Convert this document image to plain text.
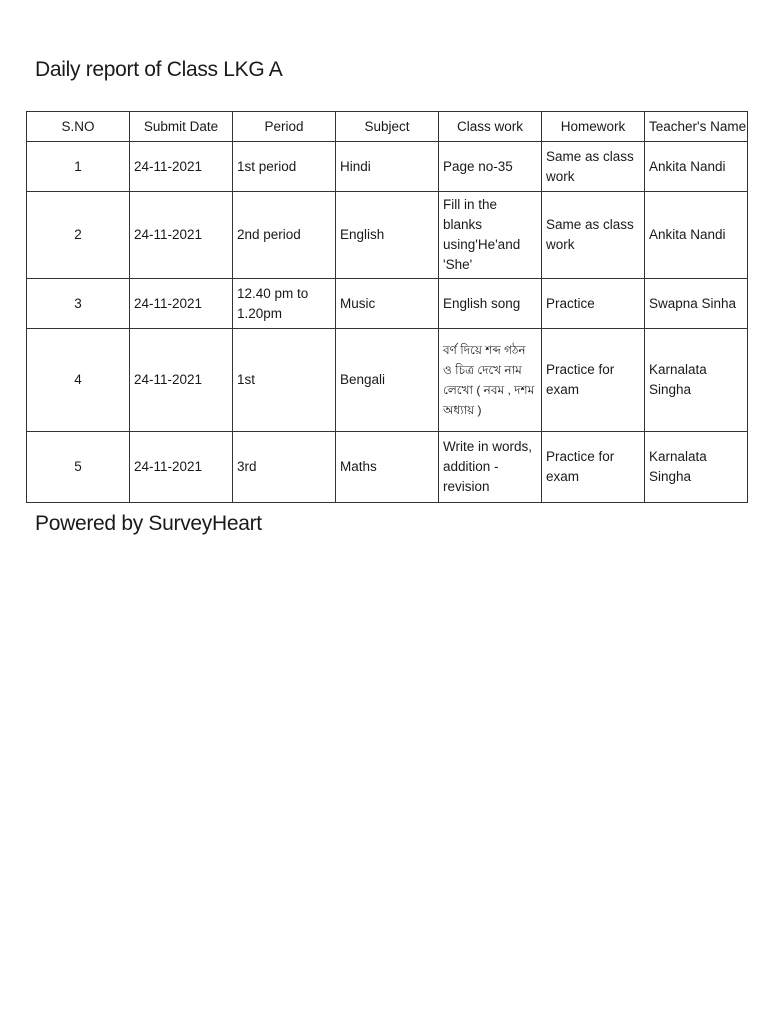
Daily report of Class LKG A
S.NO	Submit Date	Period	Subject	Class work	Homework	Teacher's Name
1	24-11-2021	1st period	Hindi	Page no-35	Same as class work	Ankita Nandi
2	24-11-2021	2nd period	English	Fill in the blanks using'He'and 'She'	Same as class work	Ankita Nandi
3	24-11-2021	12.40 pm to 1.20pm	Music	English song	Practice	Swapna Sinha
4	24-11-2021	1st	Bengali	বর্ণ দিয়ে শব্দ গঠন ও চিত্র দেখে নাম লেখো ( নবম , দশম অধ্যায় )	Practice for exam	Karnalata Singha
5	24-11-2021	3rd	Maths	Write in words, addition - revision	Practice for exam	Karnalata Singha

Powered by SurveyHeart
